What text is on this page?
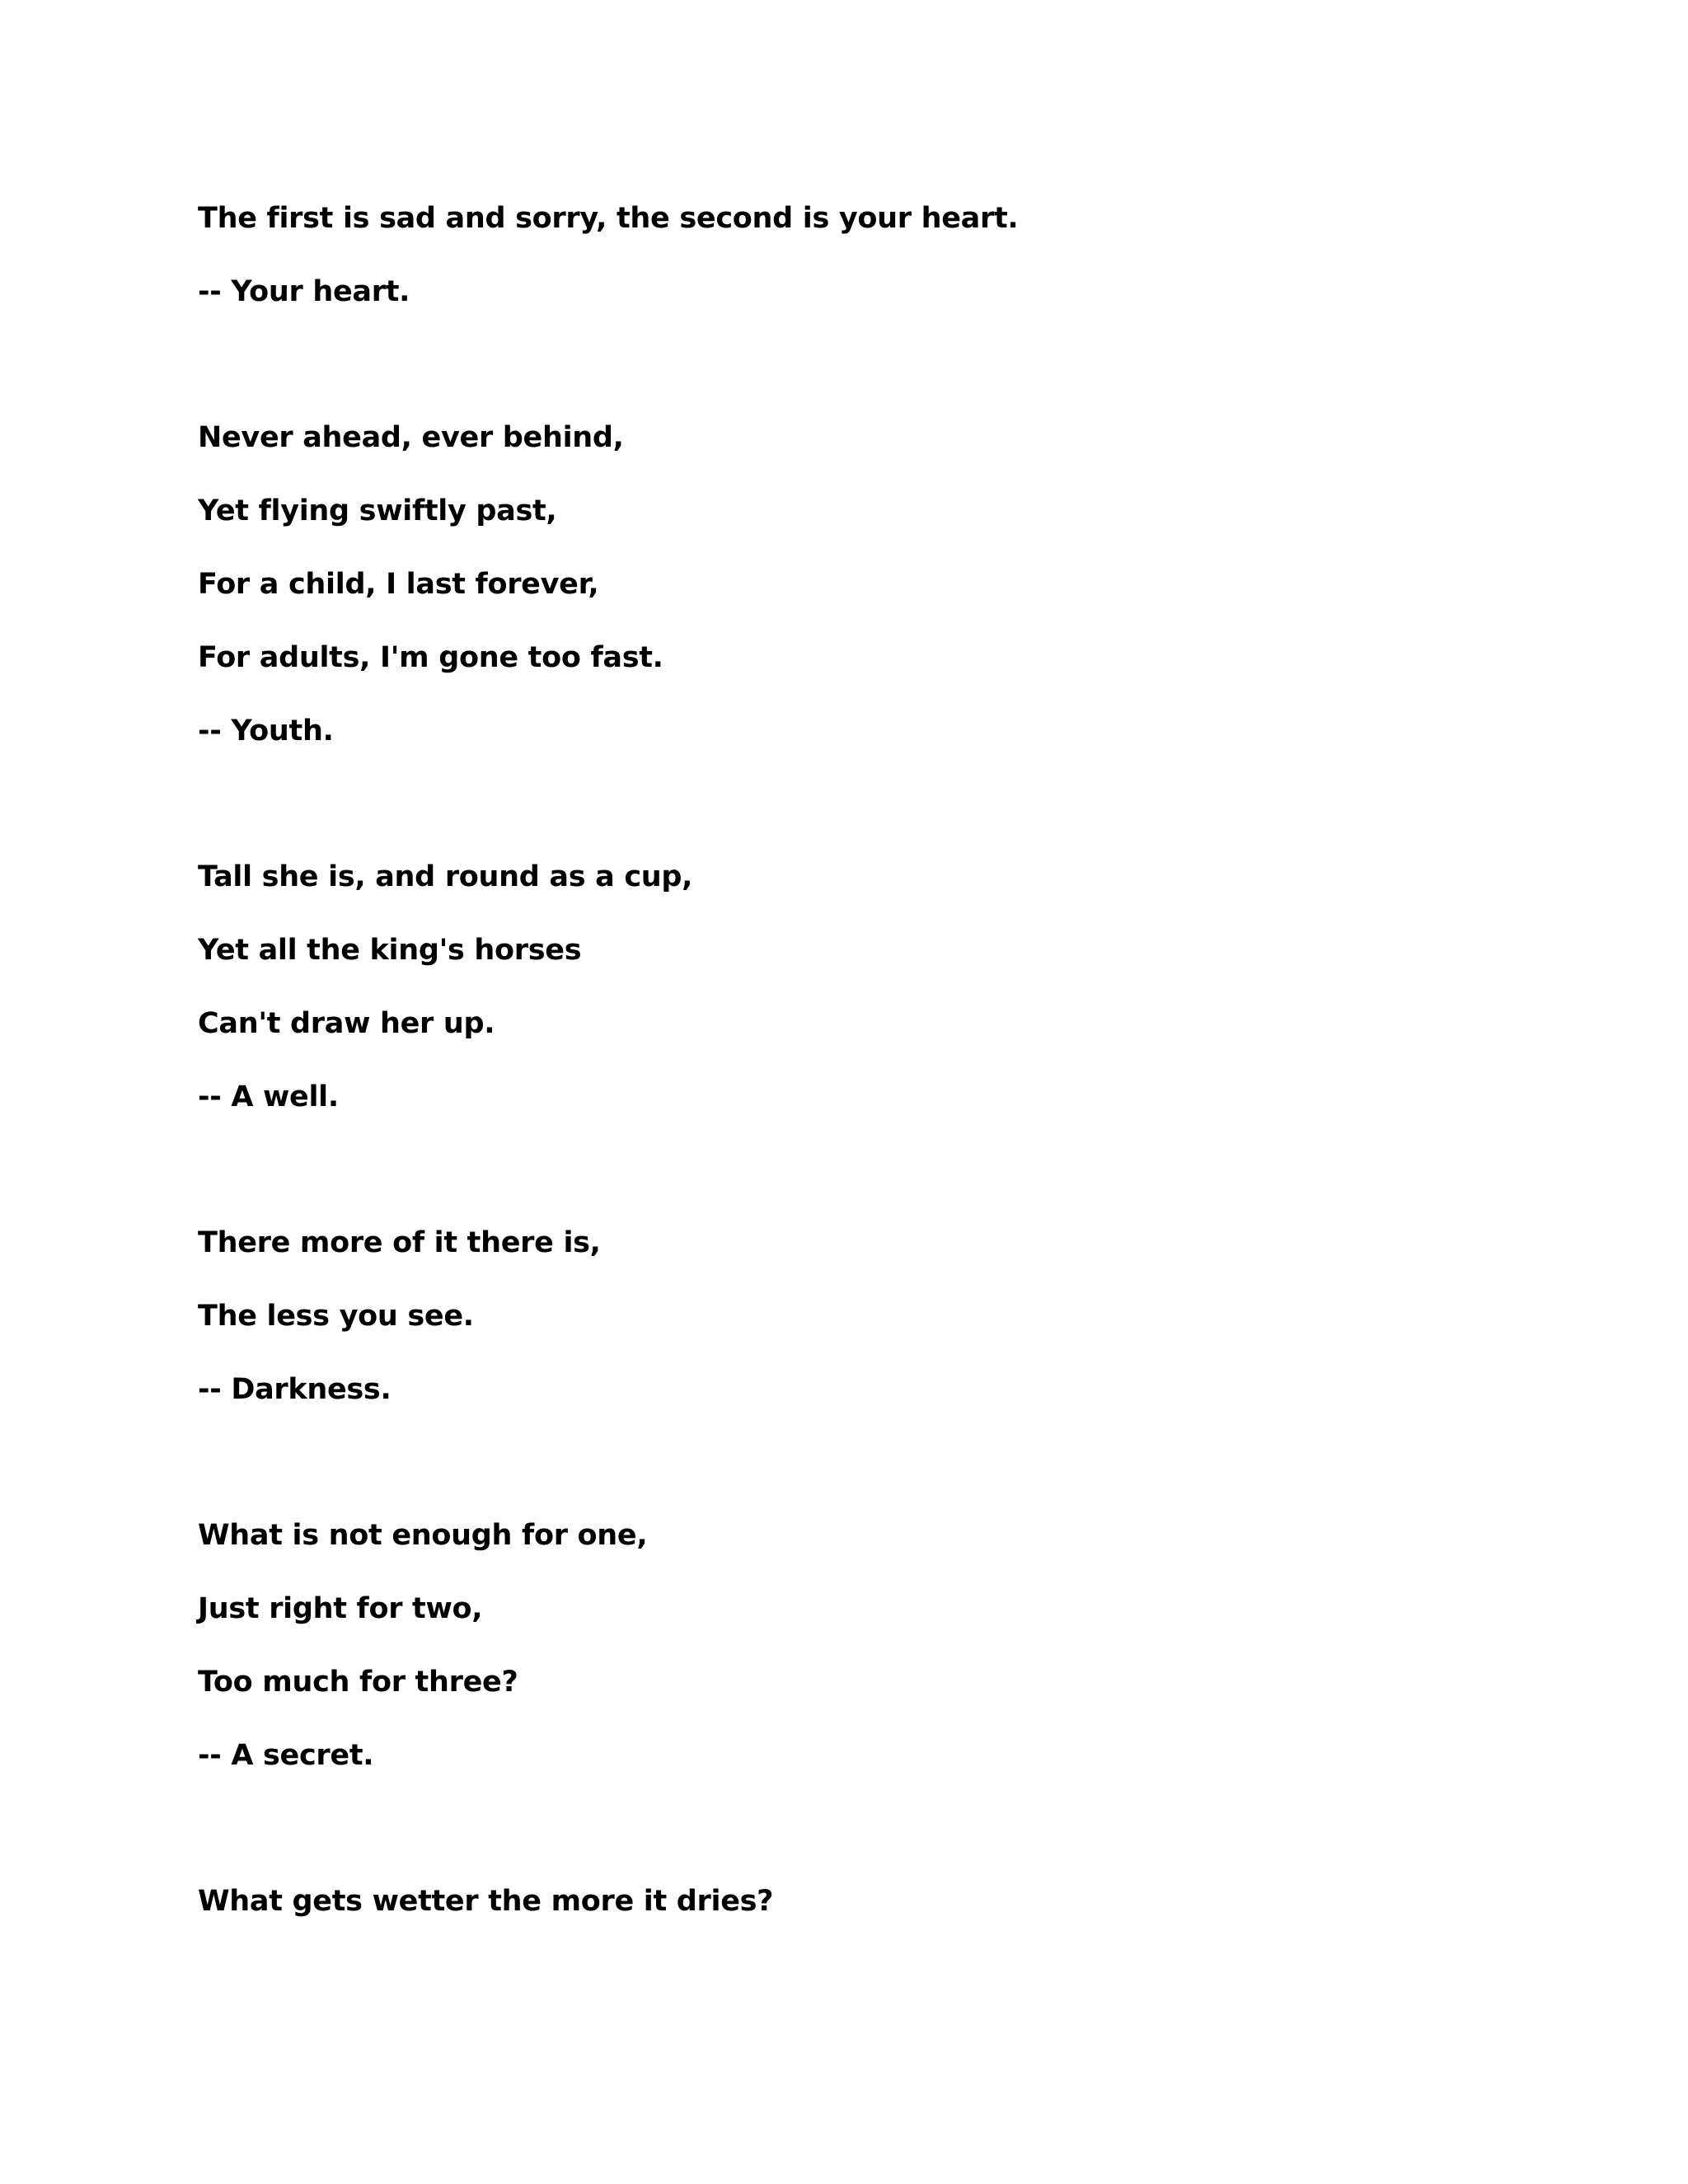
The first is sad and sorry, the second is your heart.
-- Your heart.
Never ahead, ever behind,
Yet flying swiftly past,
For a child, I last forever,
For adults, I'm gone too fast.
-- Youth.
Tall she is, and round as a cup,
Yet all the king's horses
Can't draw her up.
-- A well.
There more of it there is,
The less you see.
-- Darkness.
What is not enough for one,
Just right for two,
Too much for three?
-- A secret.
What gets wetter the more it dries?
